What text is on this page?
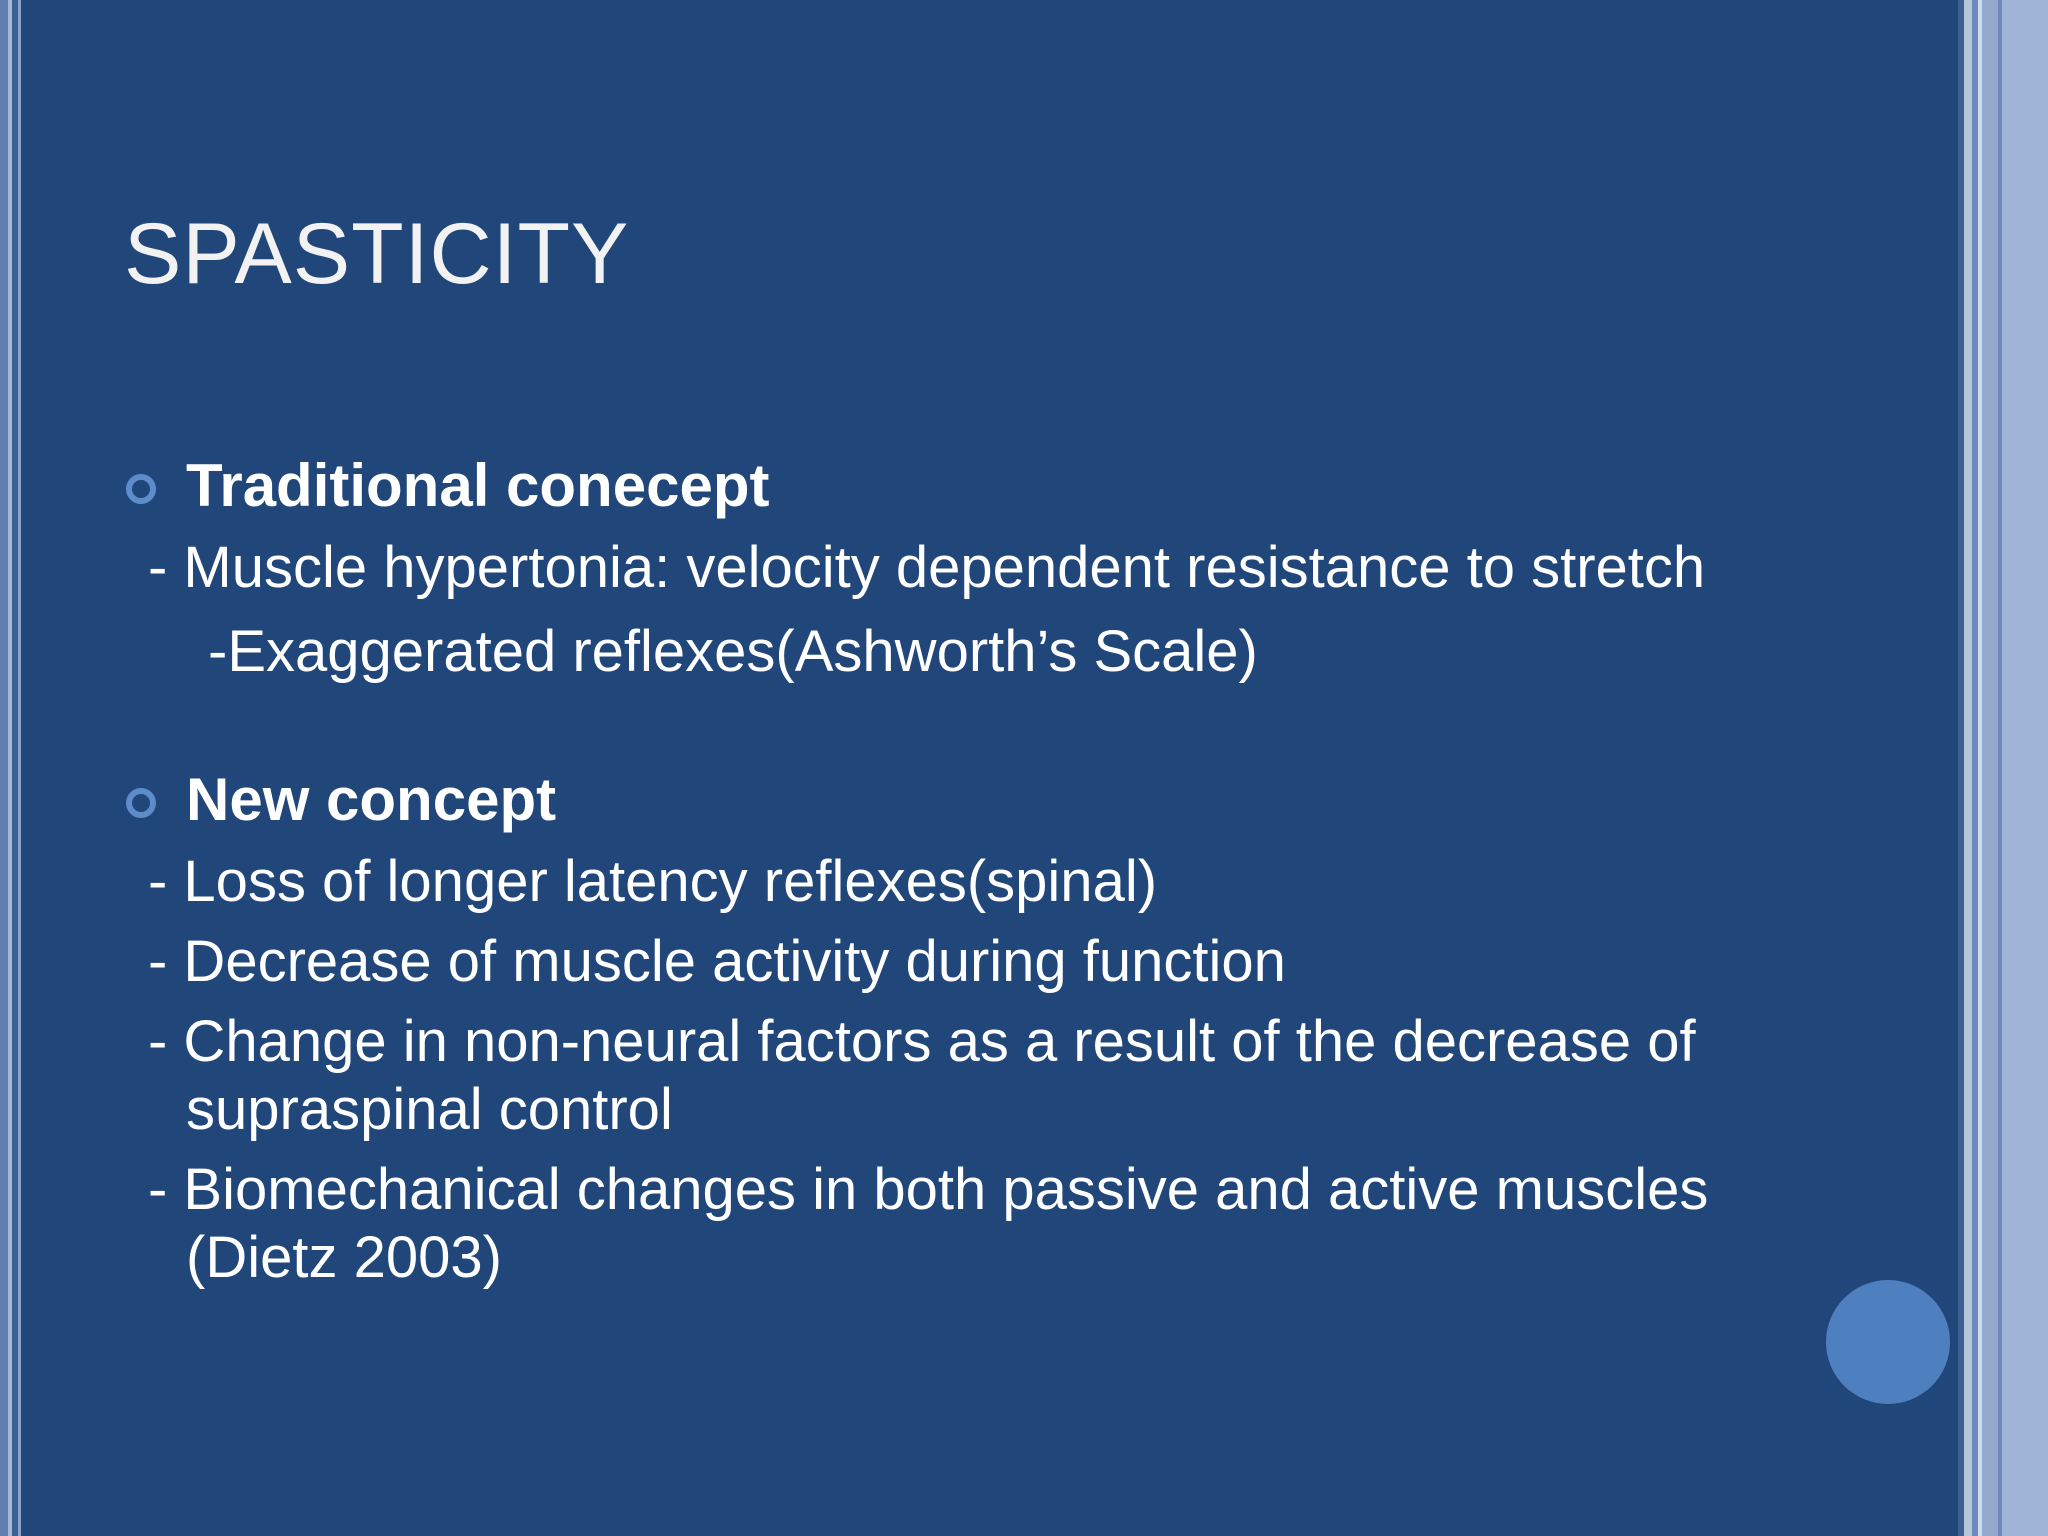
SPASTICITY
Traditional conecept
- Muscle hypertonia: velocity dependent resistance to stretch
-Exaggerated reflexes(Ashworth’s Scale)
New concept
- Loss of longer latency reflexes(spinal)
- Decrease of muscle activity during function
- Change in non-neural factors as a result of the decrease of supraspinal control
- Biomechanical changes in both passive and active muscles (Dietz 2003)
